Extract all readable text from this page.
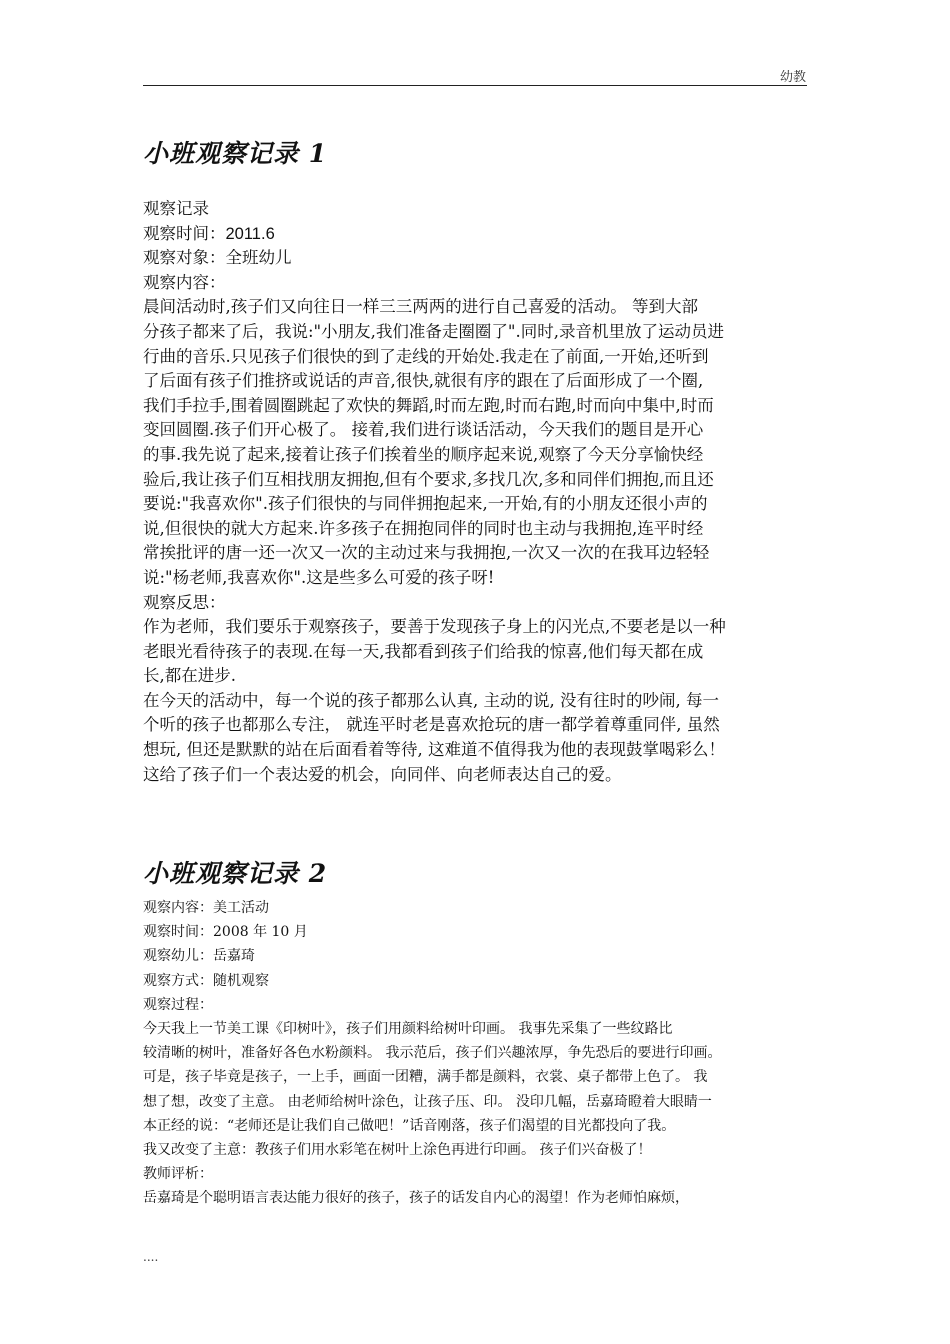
幼教
小班观察记录 1
观察记录
观察时间：2011.6
观察对象：全班幼儿
观察内容：
晨间活动时,孩子们又向往日一样三三两两的进行自己喜爱的活动。 等到大部
分孩子都来了后，我说:"小朋友,我们准备走圈圈了".同时,录音机里放了运动员进
行曲的音乐.只见孩子们很快的到了走线的开始处.我走在了前面,一开始,还听到
了后面有孩子们推挤或说话的声音,很快,就很有序的跟在了后面形成了一个圈,
我们手拉手,围着圆圈跳起了欢快的舞蹈,时而左跑,时而右跑,时而向中集中,时而
变回圆圈.孩子们开心极了。 接着,我们进行谈话活动，今天我们的题目是开心
的事.我先说了起来,接着让孩子们挨着坐的顺序起来说,观察了今天分享愉快经
验后,我让孩子们互相找朋友拥抱,但有个要求,多找几次,多和同伴们拥抱,而且还
要说:"我喜欢你".孩子们很快的与同伴拥抱起来,一开始,有的小朋友还很小声的
说,但很快的就大方起来.许多孩子在拥抱同伴的同时也主动与我拥抱,连平时经
常挨批评的唐一还一次又一次的主动过来与我拥抱,一次又一次的在我耳边轻轻
说:"杨老师,我喜欢你".这是些多么可爱的孩子呀!
观察反思：
作为老师，我们要乐于观察孩子，要善于发现孩子身上的闪光点,不要老是以一种
老眼光看待孩子的表现.在每一天,我都看到孩子们给我的惊喜,他们每天都在成
长,都在进步.
在今天的活动中，每一个说的孩子都那么认真, 主动的说, 没有往时的吵闹, 每一
个听的孩子也都那么专注， 就连平时老是喜欢抢玩的唐一都学着尊重同伴, 虽然
想玩, 但还是默默的站在后面看着等待, 这难道不值得我为他的表现鼓掌喝彩么！
这给了孩子们一个表达爱的机会，向同伴、向老师表达自己的爱。
小班观察记录 2
观察内容：美工活动
观察时间：2008 年 10 月
观察幼儿：岳嘉琦
观察方式：随机观察
观察过程：
今天我上一节美工课《印树叶》，孩子们用颜料给树叶印画。 我事先采集了一些纹路比
较清晰的树叶，准备好各色水粉颜料。 我示范后，孩子们兴趣浓厚，争先恐后的要进行印画。
可是，孩子毕竟是孩子，一上手，画面一团糟，满手都是颜料，衣裳、桌子都带上色了。 我
想了想，改变了主意。 由老师给树叶涂色，让孩子压、印。 没印几幅，岳嘉琦瞪着大眼睛一
本正经的说：“老师还是让我们自己做吧！”话音刚落，孩子们渴望的目光都投向了我。
我又改变了主意：教孩子们用水彩笔在树叶上涂色再进行印画。 孩子们兴奋极了！
教师评析：
岳嘉琦是个聪明语言表达能力很好的孩子，孩子的话发自内心的渴望！作为老师怕麻烦，
....
